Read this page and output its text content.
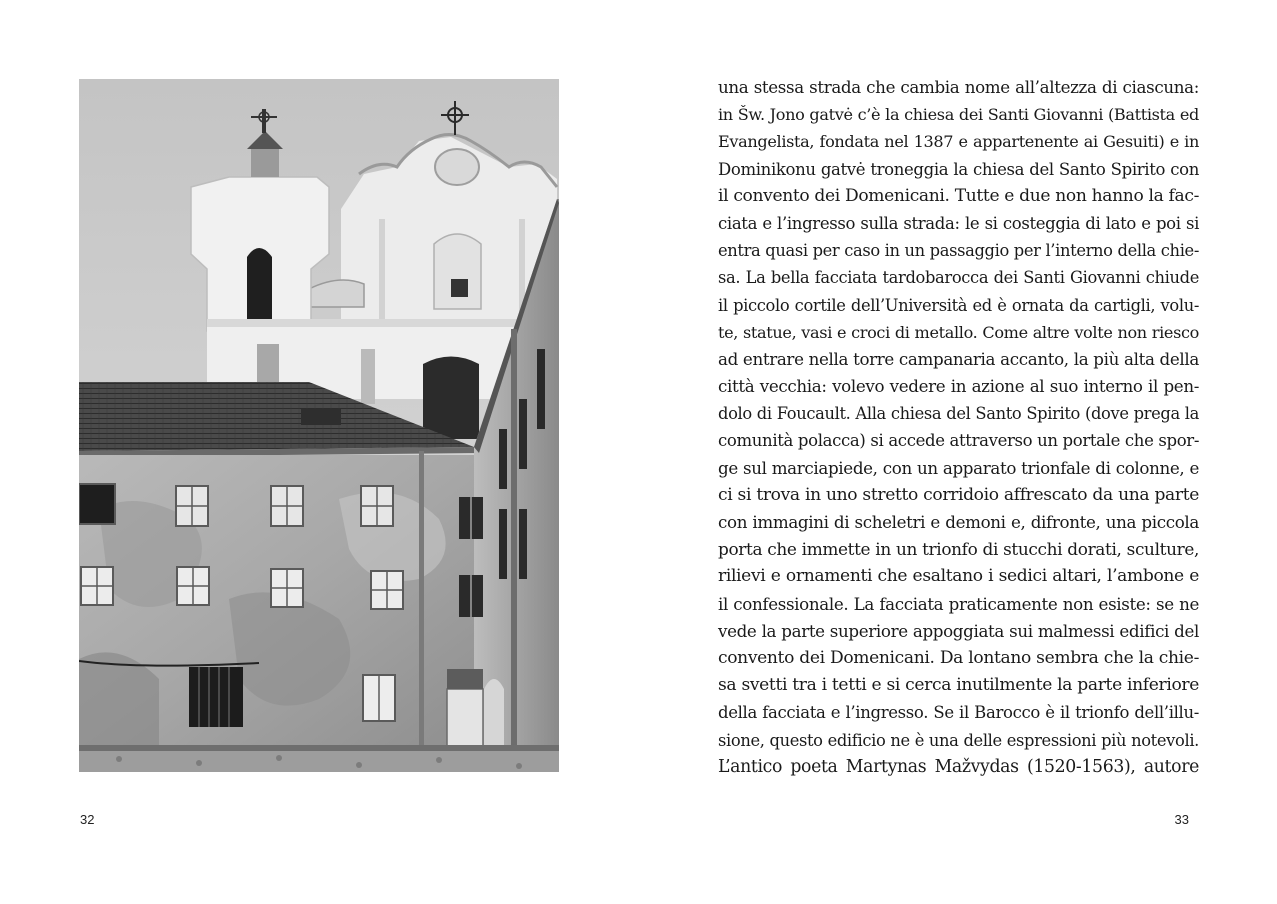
32
una stessa strada che cambia nome all’altezza di ciascuna:
in Šw. Jono gatvė c’è la chiesa dei Santi Giovanni (Battista ed
Evangelista, fondata nel 1387 e appartenente ai Gesuiti) e in
Dominikonu gatvė troneggia la chiesa del Santo Spirito con
il convento dei Domenicani. Tutte e due non hanno la fac-
ciata e l’ingresso sulla strada: le si costeggia di lato e poi si
entra quasi per caso in un passaggio per l’interno della chie-
sa. La bella facciata tardobarocca dei Santi Giovanni chiude
il piccolo cortile dell’Università ed è ornata da cartigli, volu-
te, statue, vasi e croci di metallo. Come altre volte non riesco
ad entrare nella torre campanaria accanto, la più alta della
città vecchia: volevo vedere in azione al suo interno il pen-
dolo di Foucault. Alla chiesa del Santo Spirito (dove prega la
comunità polacca) si accede attraverso un portale che spor-
ge sul marciapiede, con un apparato trionfale di colonne, e
ci si trova in uno stretto corridoio affrescato da una parte
con immagini di scheletri e demoni e, difronte, una piccola
porta che immette in un trionfo di stucchi dorati, sculture,
rilievi e ornamenti che esaltano i sedici altari, l’ambone e
il confessionale. La facciata praticamente non esiste: se ne
vede la parte superiore appoggiata sui malmessi edifici del
convento dei Domenicani. Da lontano sembra che la chie-
sa svetti tra i tetti e si cerca inutilmente la parte inferiore
della facciata e l’ingresso. Se il Barocco è il trionfo dell’illu-
sione, questo edificio ne è una delle espressioni più notevoli.
L’antico poeta Martynas Mažvydas (1520-1563), autore
33
